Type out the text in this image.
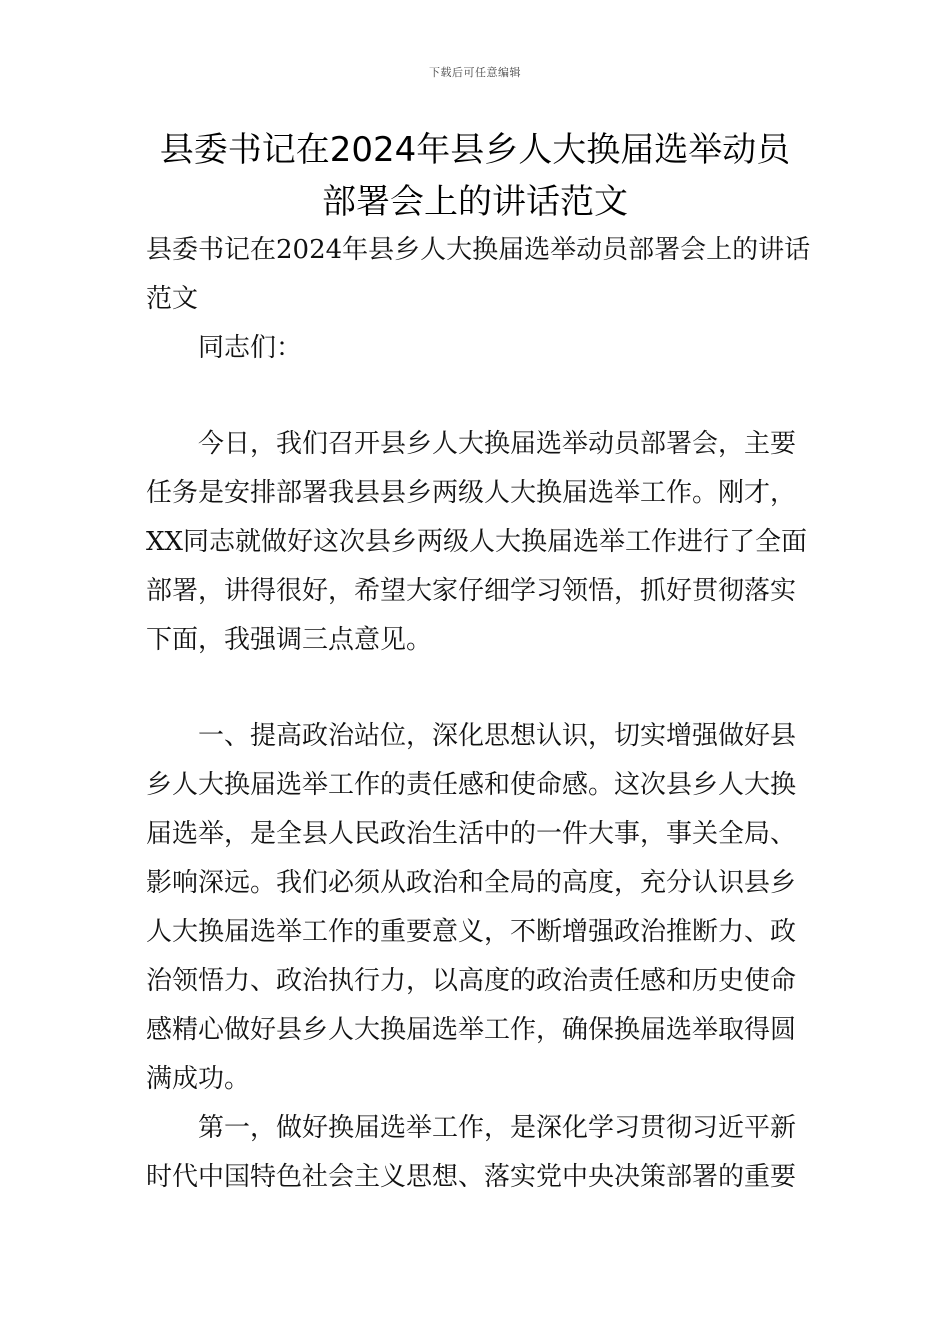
下载后可任意编辑
县委书记在2024年县乡人大换届选举动员
部署会上的讲话范文

县委书记在2024年县乡人大换届选举动员部署会上的讲话
范文

同志们：

今日，我们召开县乡人大换届选举动员部署会，主要
任务是安排部署我县县乡两级人大换届选举工作。刚才，
XX同志就做好这次县乡两级人大换届选举工作进行了全面
部署，讲得很好，希望大家仔细学习领悟，抓好贯彻落实
下面，我强调三点意见。

一、提高政治站位，深化思想认识，切实增强做好县
乡人大换届选举工作的责任感和使命感。这次县乡人大换
届选举，是全县人民政治生活中的一件大事，事关全局、
影响深远。我们必须从政治和全局的高度，充分认识县乡
人大换届选举工作的重要意义，不断增强政治推断力、政
治领悟力、政治执行力，以高度的政治责任感和历史使命
感精心做好县乡人大换届选举工作，确保换届选举取得圆
满成功。

第一，做好换届选举工作，是深化学习贯彻习近平新
时代中国特色社会主义思想、落实党中央决策部署的重要
